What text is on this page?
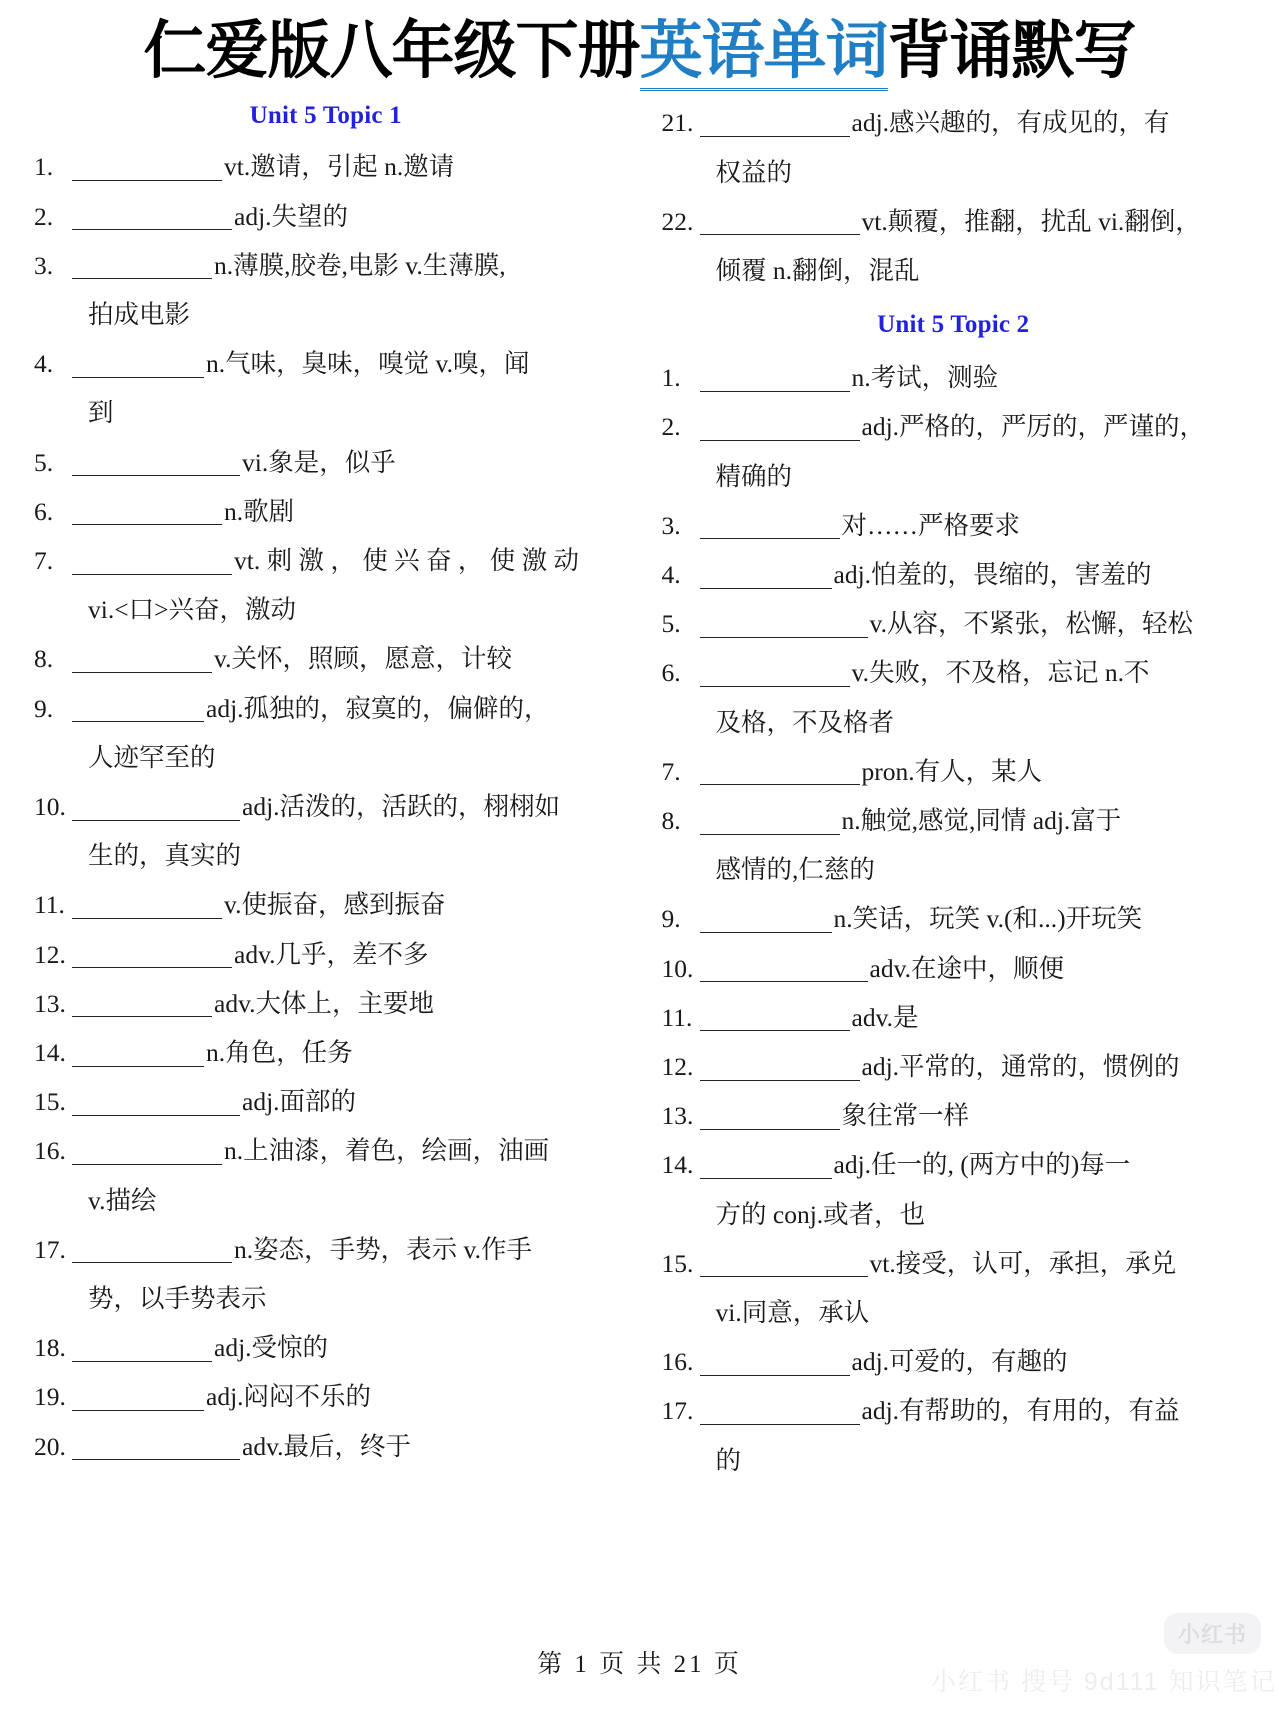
仁爱版八年级下册英语单词背诵默写
Unit 5 Topic 1
1.	vt.邀请，引起 n.邀请
2.	adj.失望的
3.	n.薄膜,胶卷,电影 v.生薄膜,
拍成电影
4.	n.气味，臭味，嗅觉 v.嗅，闻
到
5.	vi.象是，似乎
6.	n.歌剧
7.	vt. 刺 激 ， 使 兴 奋 ， 使 激 动
vi.<口>兴奋，激动
8.	v.关怀，照顾，愿意，计较
9.	adj.孤独的，寂寞的，偏僻的，
人迹罕至的
10.	adj.活泼的，活跃的，栩栩如
生的，真实的
11.	v.使振奋，感到振奋
12.	adv.几乎，差不多
13.	adv.大体上，主要地
14.	n.角色，任务
15.	adj.面部的
16.	n.上油漆，着色，绘画，油画
v.描绘
17.	n.姿态，手势，表示 v.作手
势，以手势表示
18.	adj.受惊的
19.	adj.闷闷不乐的
20.	adv.最后，终于
21.	adj.感兴趣的，有成见的，有
权益的
22.	vt.颠覆，推翻，扰乱 vi.翻倒，
倾覆 n.翻倒，混乱
Unit 5 Topic 2
1.	n.考试，测验
2.	adj.严格的，严厉的，严谨的，
精确的
3.	对……严格要求
4.	adj.怕羞的，畏缩的，害羞的
5.	v.从容，不紧张，松懈，轻松
6.	v.失败，不及格，忘记 n.不
及格，不及格者
7.	pron.有人，某人
8.	n.触觉,感觉,同情 adj.富于
感情的,仁慈的
9.	n.笑话，玩笑 v.(和...)开玩笑
10.	adv.在途中，顺便
11.	adv.是
12.	adj.平常的，通常的，惯例的
13.	象往常一样
14.	adj.任一的, (两方中的)每一
方的 conj.或者，也
15.	vt.接受，认可，承担，承兑
vi.同意，承认
16.	adj.可爱的，有趣的
17.	adj.有帮助的，有用的，有益
的
第 1 页 共 21 页
小红书
小红书 搜号 9d111 知识笔记
